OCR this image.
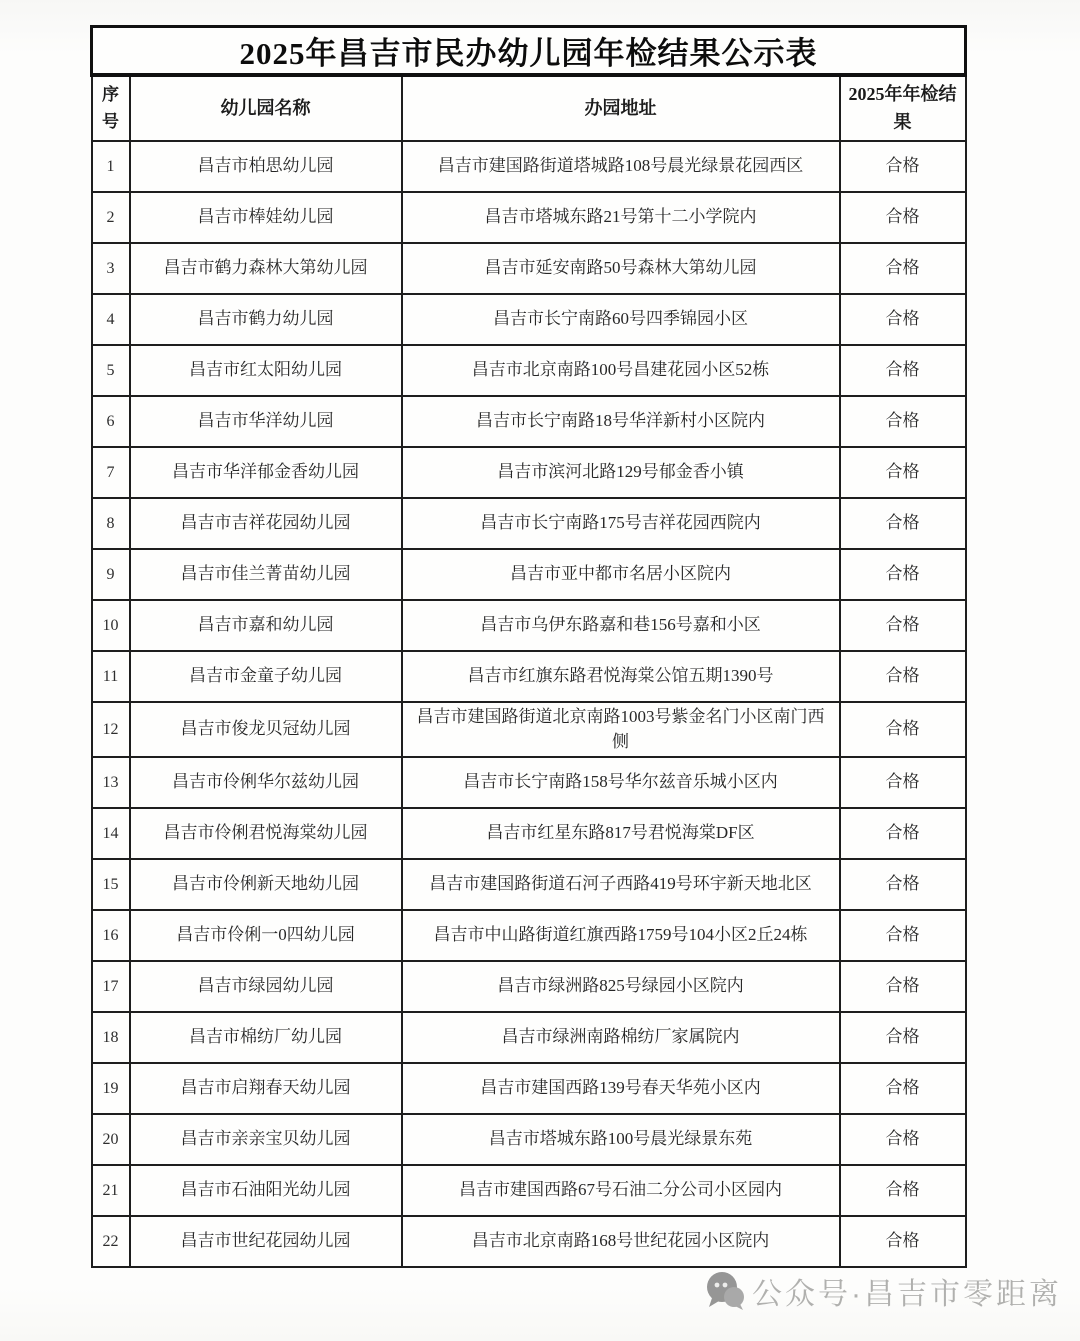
2025年昌吉市民办幼儿园年检结果公示表			
序号	幼儿园名称	办园地址	2025年年检结果
1	昌吉市柏思幼儿园	昌吉市建国路街道塔城路108号晨光绿景花园西区	合格
2	昌吉市棒娃幼儿园	昌吉市塔城东路21号第十二小学院内	合格
3	昌吉市鹤力森林大第幼儿园	昌吉市延安南路50号森林大第幼儿园	合格
4	昌吉市鹤力幼儿园	昌吉市长宁南路60号四季锦园小区	合格
5	昌吉市红太阳幼儿园	昌吉市北京南路100号昌建花园小区52栋	合格
6	昌吉市华洋幼儿园	昌吉市长宁南路18号华洋新村小区院内	合格
7	昌吉市华洋郁金香幼儿园	昌吉市滨河北路129号郁金香小镇	合格
8	昌吉市吉祥花园幼儿园	昌吉市长宁南路175号吉祥花园西院内	合格
9	昌吉市佳兰菁苗幼儿园	昌吉市亚中都市名居小区院内	合格
10	昌吉市嘉和幼儿园	昌吉市乌伊东路嘉和巷156号嘉和小区	合格
11	昌吉市金童子幼儿园	昌吉市红旗东路君悦海棠公馆五期1390号	合格
12	昌吉市俊龙贝冠幼儿园	昌吉市建国路街道北京南路1003号紫金名门小区南门西侧	合格
13	昌吉市伶俐华尔兹幼儿园	昌吉市长宁南路158号华尔兹音乐城小区内	合格
14	昌吉市伶俐君悦海棠幼儿园	昌吉市红星东路817号君悦海棠DF区	合格
15	昌吉市伶俐新天地幼儿园	昌吉市建国路街道石河子西路419号环宇新天地北区	合格
16	昌吉市伶俐一0四幼儿园	昌吉市中山路街道红旗西路1759号104小区2丘24栋	合格
17	昌吉市绿园幼儿园	昌吉市绿洲路825号绿园小区院内	合格
18	昌吉市棉纺厂幼儿园	昌吉市绿洲南路棉纺厂家属院内	合格
19	昌吉市启翔春天幼儿园	昌吉市建国西路139号春天华苑小区内	合格
20	昌吉市亲亲宝贝幼儿园	昌吉市塔城东路100号晨光绿景东苑	合格
21	昌吉市石油阳光幼儿园	昌吉市建国西路67号石油二分公司小区园内	合格
22	昌吉市世纪花园幼儿园	昌吉市北京南路168号世纪花园小区院内	合格
公众号·昌吉市零距离
